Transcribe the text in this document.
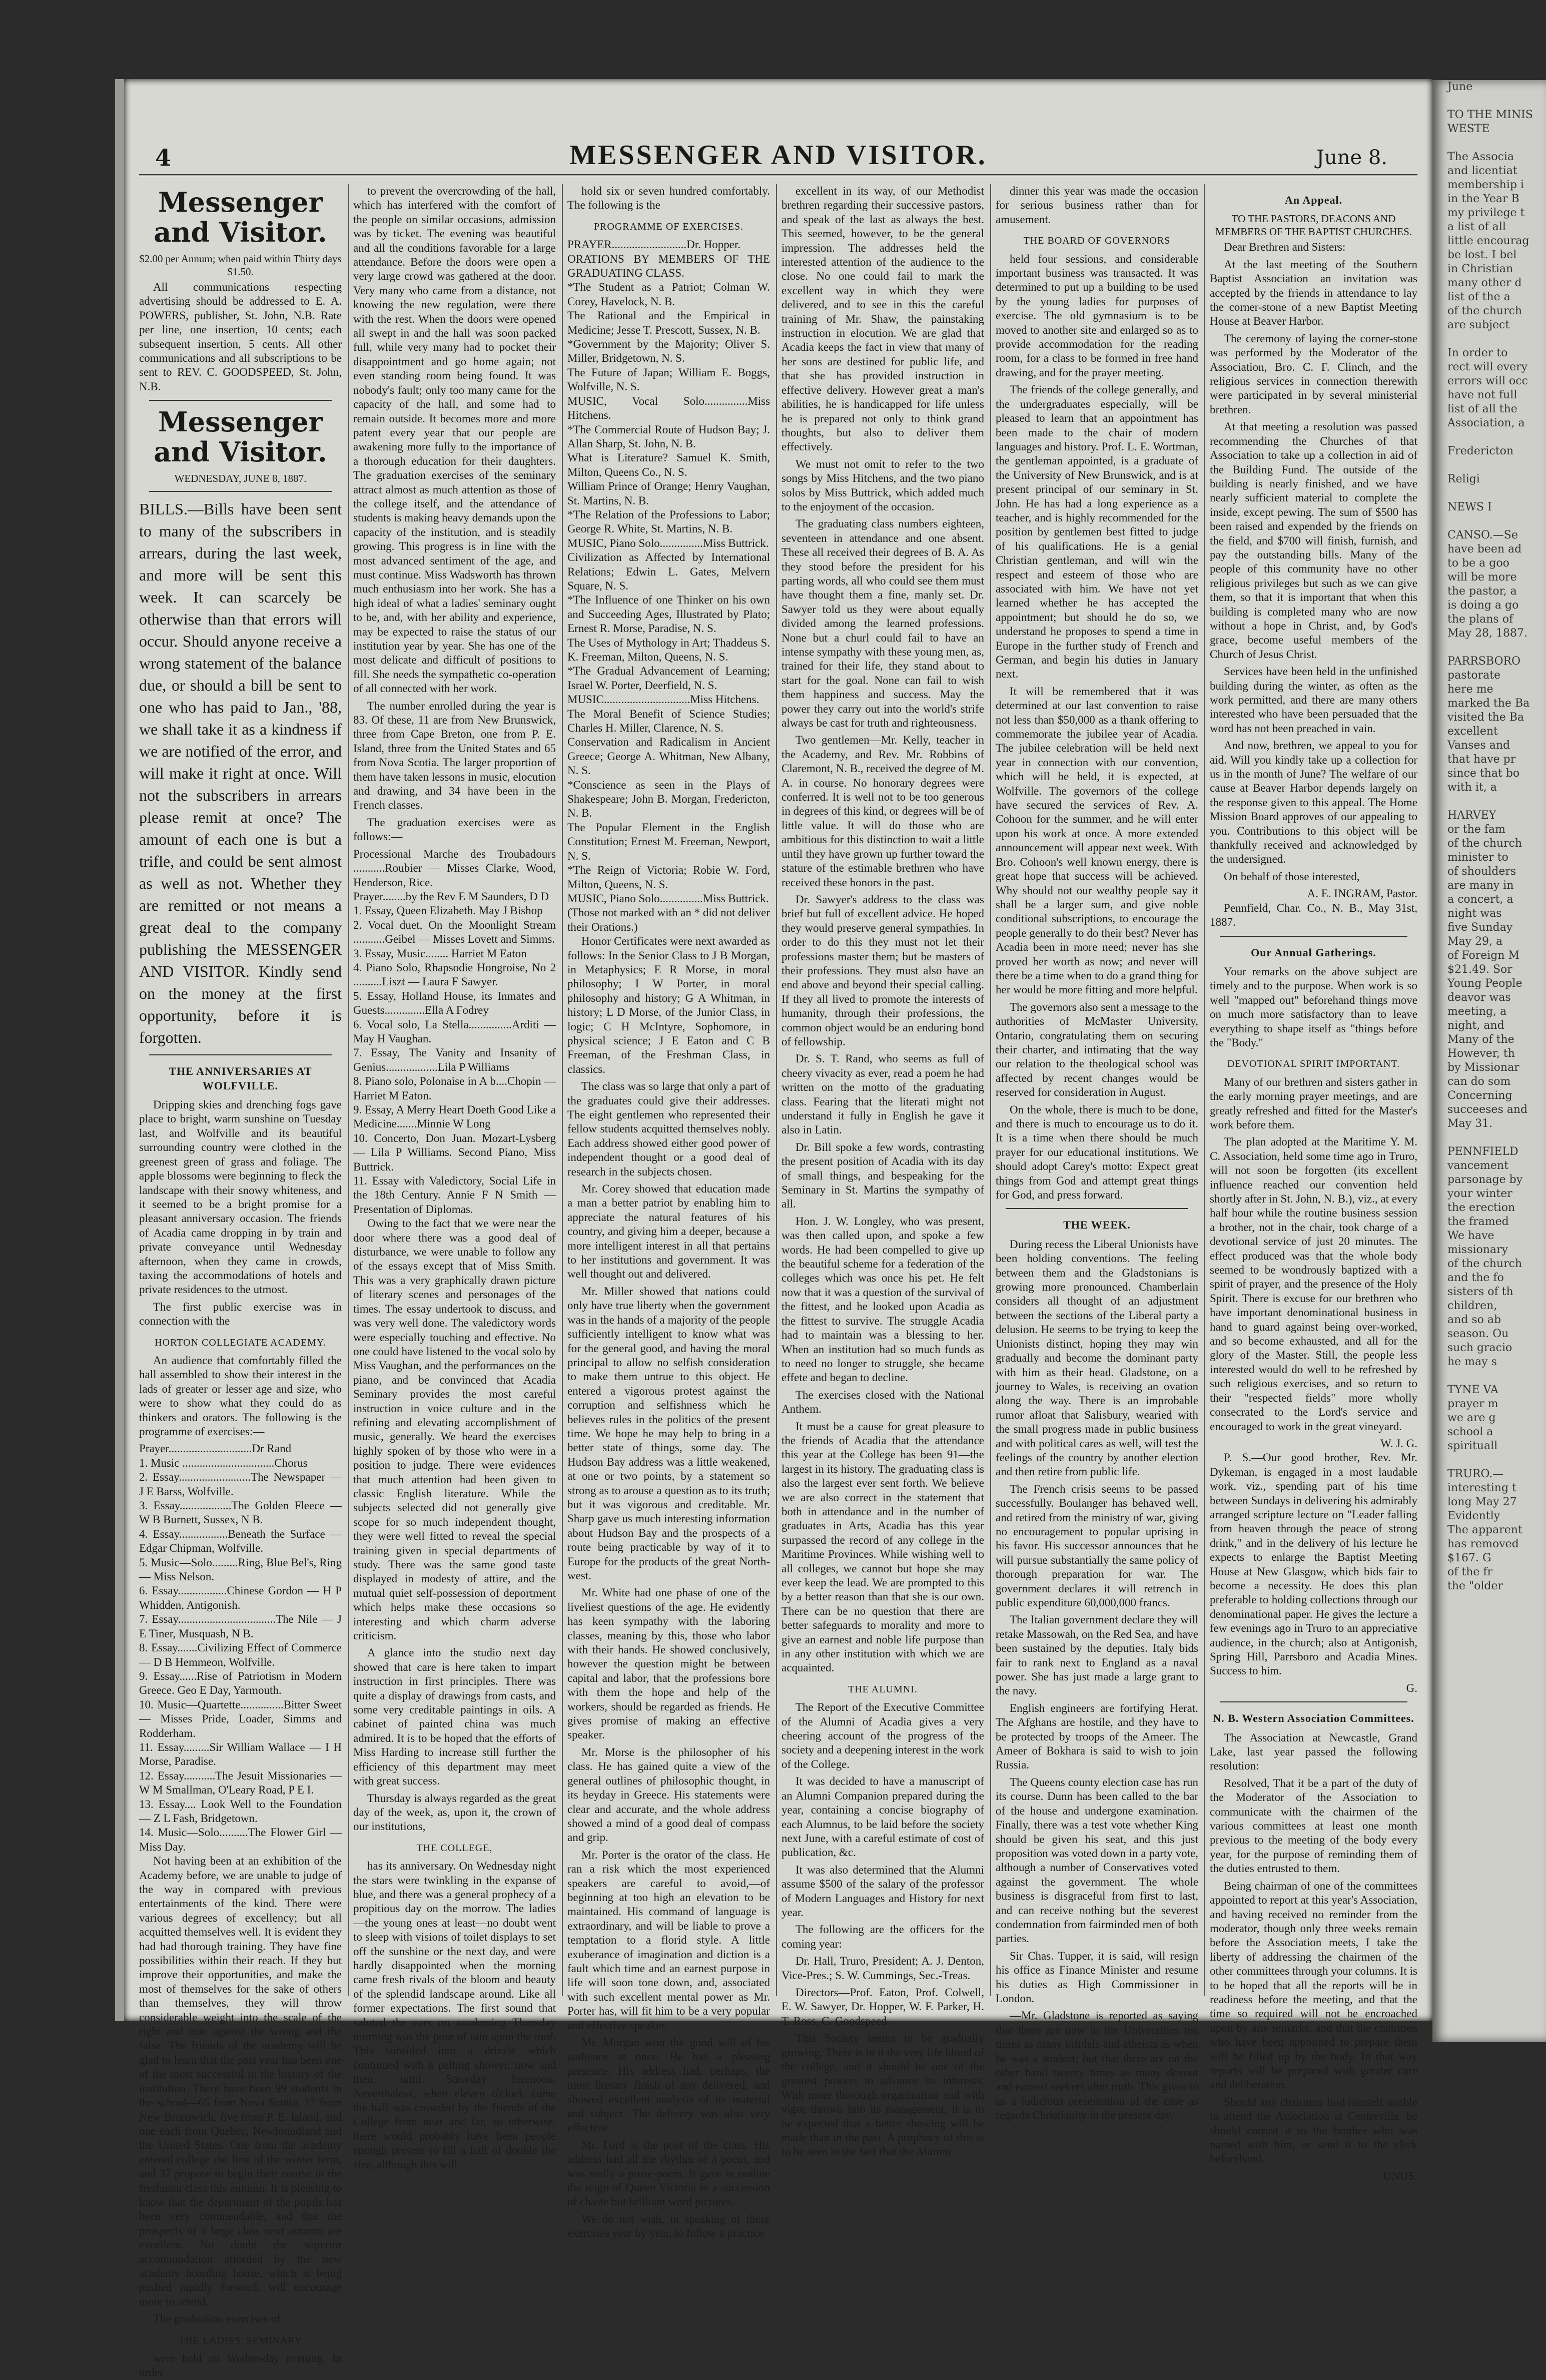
4	MESSENGER AND VISITOR.	June 8.
Messenger and Visitor.
$2.00 per Annum; when paid within Thirty days $1.50.

All communications respecting advertising should be addressed to E. A. POWERS, publisher, St. John, N.B. Rate per line, one insertion, 10 cents; each subsequent insertion, 5 cents. All other communications and all subscriptions to be sent to REV. C. GOODSPEED, St. John, N.B.

Messenger and Visitor.
WEDNESDAY, JUNE 8, 1887.
BILLS.—Bills have been sent to many of the subscribers in arrears, during the last week, and more will be sent this week. It can scarcely be otherwise than that errors will occur. Should anyone receive a wrong statement of the balance due, or should a bill be sent to one who has paid to Jan., '88, we shall take it as a kindness if we are notified of the error, and will make it right at once. Will not the subscribers in arrears please remit at once? The amount of each one is but a trifle, and could be sent almost as well as not. Whether they are remitted or not means a great deal to the company publishing the MESSENGER AND VISITOR. Kindly send on the money at the first opportunity, before it is forgotten.
THE ANNIVERSARIES AT WOLFVILLE.

Dripping skies and drenching fogs gave place to bright, warm sunshine on Tuesday last, and Wolfville and its beautiful surrounding country were clothed in the greenest green of grass and foliage. The apple blossoms were beginning to fleck the landscape with their snowy whiteness, and it seemed to be a bright promise for a pleasant anniversary occasion. The friends of Acadia came dropping in by train and private conveyance until Wednesday afternoon, when they came in crowds, taxing the accommodations of hotels and private residences to the utmost.

The first public exercise was in connection with the

HORTON COLLEGIATE ACADEMY.

An audience that comfortably filled the hall assembled to show their interest in the lads of greater or lesser age and size, who were to show what they could do as thinkers and orators. The following is the programme of exercises:—

Prayer.............................Dr Rand
1. Music ................................Chorus
2. Essay.........................The Newspaper — J E Barss, Wolfville.
3. Essay..................The Golden Fleece — W B Burnett, Sussex, N B.
4. Essay.................Beneath the Surface — Edgar Chipman, Wolfville.
5. Music—Solo.........Ring, Blue Bel's, Ring — Miss Nelson.
6. Essay.................Chinese Gordon — H P Whidden, Antigonish.
7. Essay..................................The Nile — J E Tiner, Musquash, N B.
8. Essay.......Civilizing Effect of Commerce — D B Hemmeon, Wolfville.
9. Essay......Rise of Patriotism in Modern Greece. Geo E Day, Yarmouth.
10. Music—Quartette...............Bitter Sweet — Misses Pride, Loader, Simms and Rodderham.
11. Essay.........Sir William Wallace — I H Morse, Paradise.
12. Essay...........The Jesuit Missionaries — W M Smallman, O'Leary Road, P E I.
13. Essay.... Look Well to the Foundation — Z L Fash, Bridgetown.
14. Music—Solo..........The Flower Girl — Miss Day.

Not having been at an exhibition of the Academy before, we are unable to judge of the way in compared with previous entertainments of the kind. There were various degrees of excellency; but all acquitted themselves well. It is evident they had had thorough training. They have fine possibilities within their reach. If they but improve their opportunities, and make the most of themselves for the sake of others than themselves, they will throw considerable weight into the scale of the right and true against the wrong and the false. The friends of the academy will be glad to learn that the past year has been one of the most successful in the history of the institution. There have been 99 students in the school—65 from Nova Scotia, 17 from New Brunswick, five from P. E. Island, and one each from Quebec, Newfoundland and the United States. One from the academy entered college the first of the winter term, and 37 propose to begin their course in the freshman class this autumn. It is pleasing to know that the department of the pupils has been very commendable, and that the prospects of a large class next autumn are excellent. No doubt the superior accommodation afforded by the new academy boarding house, which is being pushed rapidly forward, will encourage more to attend.

The graduation exercises of

THE LADIES' SEMINARY

were held on Wednesday evening. In order

to prevent the overcrowding of the hall, which has interfered with the comfort of the people on similar occasions, admission was by ticket. The evening was beautiful and all the conditions favorable for a large attendance. Before the doors were open a very large crowd was gathered at the door. Very many who came from a distance, not knowing the new regulation, were there with the rest. When the doors were opened all swept in and the hall was soon packed full, while very many had to pocket their disappointment and go home again; not even standing room being found. It was nobody's fault; only too many came for the capacity of the hall, and some had to remain outside. It becomes more and more patent every year that our people are awakening more fully to the importance of a thorough education for their daughters. The graduation exercises of the seminary attract almost as much attention as those of the college itself, and the attendance of students is making heavy demands upon the capacity of the institution, and is steadily growing. This progress is in line with the most advanced sentiment of the age, and must continue. Miss Wadsworth has thrown much enthusiasm into her work. She has a high ideal of what a ladies' seminary ought to be, and, with her ability and experience, may be expected to raise the status of our institution year by year. She has one of the most delicate and difficult of positions to fill. She needs the sympathetic co-operation of all connected with her work.

The number enrolled during the year is 83. Of these, 11 are from New Brunswick, three from Cape Breton, one from P. E. Island, three from the United States and 65 from Nova Scotia. The larger proportion of them have taken lessons in music, elocution and drawing, and 34 have been in the French classes.

The graduation exercises were as follows:—

Processional Marche des Troubadours ...........Roubier — Misses Clarke, Wood, Henderson, Rice.
Prayer........by the Rev E M Saunders, D D
1. Essay, Queen Elizabeth. May J Bishop
2. Vocal duet, On the Moonlight Stream ...........Geibel — Misses Lovett and Simms.
3. Essay, Music........ Harriet M Eaton
4. Piano Solo, Rhapsodie Hongroise, No 2 ..........Liszt — Laura F Sawyer.
5. Essay, Holland House, its Inmates and Guests..............Ella A Fodrey
6. Vocal solo, La Stella...............Arditi — May H Vaughan.
7. Essay, The Vanity and Insanity of Genius..................Lila P Williams
8. Piano solo, Polonaise in A b....Chopin — Harriet M Eaton.
9. Essay, A Merry Heart Doeth Good Like a Medicine.......Minnie W Long
10. Concerto, Don Juan. Mozart-Lysberg — Lila P Williams. Second Piano, Miss Buttrick.
11. Essay with Valedictory, Social Life in the 18th Century. Annie F N Smith — Presentation of Diplomas.

Owing to the fact that we were near the door where there was a good deal of disturbance, we were unable to follow any of the essays except that of Miss Smith. This was a very graphically drawn picture of literary scenes and personages of the times. The essay undertook to discuss, and was very well done. The valedictory words were especially touching and effective. No one could have listened to the vocal solo by Miss Vaughan, and the performances on the piano, and be convinced that Acadia Seminary provides the most careful instruction in voice culture and in the refining and elevating accomplishment of music, generally. We heard the exercises highly spoken of by those who were in a position to judge. There were evidences that much attention had been given to classic English literature. While the subjects selected did not generally give scope for so much independent thought, they were well fitted to reveal the special training given in special departments of study. There was the same good taste displayed in modesty of attire, and the mutual quiet self-possession of deportment which helps make these occasions so interesting and which charm adverse criticism.

A glance into the studio next day showed that care is here taken to impart instruction in first principles. There was quite a display of drawings from casts, and some very creditable paintings in oils. A cabinet of painted china was much admired. It is to be hoped that the efforts of Miss Harding to increase still further the efficiency of this department may meet with great success.

Thursday is always regarded as the great day of the week, as, upon it, the crown of our institutions,

THE COLLEGE,

has its anniversary. On Wednesday night the stars were twinkling in the expanse of blue, and there was a general prophecy of a propitious day on the morrow. The ladies —the young ones at least—no doubt went to sleep with visions of toilet displays to set off the sunshine or the next day, and were hardly disappointed when the morning came fresh rivals of the bloom and beauty of the splendid landscape around. Like all former expectations. The first sound that saluted the ears on awakening Thursday morning was the pour of rain upon the roof. This subsided into a drizzle which continued with a pelting shower, now and then, until Saturday forenoon. Nevertheless, when eleven o'clock came the hall was crowded by the friends of the College from near and far, so otherwise, there would probably have been people enough present to fill a hall of double the size, although this will

hold six or seven hundred comfortably. The following is the

PROGRAMME OF EXERCISES.
PRAYER..........................Dr. Hopper.
ORATIONS BY MEMBERS OF THE GRADUATING CLASS.
*The Student as a Patriot; Colman W. Corey, Havelock, N. B.
The Rational and the Empirical in Medicine; Jesse T. Prescott, Sussex, N. B.
*Government by the Majority; Oliver S. Miller, Bridgetown, N. S.
The Future of Japan; William E. Boggs, Wolfville, N. S.
MUSIC, Vocal Solo...............Miss Hitchens.
*The Commercial Route of Hudson Bay; J. Allan Sharp, St. John, N. B.
What is Literature? Samuel K. Smith, Milton, Queens Co., N. S.
William Prince of Orange; Henry Vaughan, St. Martins, N. B.
*The Relation of the Professions to Labor; George R. White, St. Martins, N. B.
MUSIC, Piano Solo...............Miss Buttrick.
Civilization as Affected by International Relations; Edwin L. Gates, Melvern Square, N. S.
*The Influence of one Thinker on his own and Succeeding Ages, Illustrated by Plato; Ernest R. Morse, Paradise, N. S.
The Uses of Mythology in Art; Thaddeus S. K. Freeman, Milton, Queens, N. S.
*The Gradual Advancement of Learning; Israel W. Porter, Deerfield, N. S.
MUSIC..............................Miss Hitchens.
The Moral Benefit of Science Studies; Charles H. Miller, Clarence, N. S.
Conservation and Radicalism in Ancient Greece; George A. Whitman, New Albany, N. S.
*Conscience as seen in the Plays of Shakespeare; John B. Morgan, Fredericton, N. B.
The Popular Element in the English Constitution; Ernest M. Freeman, Newport, N. S.
*The Reign of Victoria; Robie W. Ford, Milton, Queens, N. S.
MUSIC, Piano Solo...............Miss Buttrick.
(Those not marked with an * did not deliver their Orations.)

Honor Certificates were next awarded as follows: In the Senior Class to J B Morgan, in Metaphysics; E R Morse, in moral philosophy; I W Porter, in moral philosophy and history; G A Whitman, in history; L D Morse, of the Junior Class, in logic; C H McIntyre, Sophomore, in physical science; J E Eaton and C B Freeman, of the Freshman Class, in classics.

The class was so large that only a part of the graduates could give their addresses. The eight gentlemen who represented their fellow students acquitted themselves nobly. Each address showed either good power of independent thought or a good deal of research in the subjects chosen.

Mr. Corey showed that education made a man a better patriot by enabling him to appreciate the natural features of his country, and giving him a deeper, because a more intelligent interest in all that pertains to her institutions and government. It was well thought out and delivered.

Mr. Miller showed that nations could only have true liberty when the government was in the hands of a majority of the people sufficiently intelligent to know what was for the general good, and having the moral principal to allow no selfish consideration to make them untrue to this object. He entered a vigorous protest against the corruption and selfishness which he believes rules in the politics of the present time. We hope he may help to bring in a better state of things, some day. The Hudson Bay address was a little weakened, at one or two points, by a statement so strong as to arouse a question as to its truth; but it was vigorous and creditable. Mr. Sharp gave us much interesting information about Hudson Bay and the prospects of a route being practicable by way of it to Europe for the products of the great North-west.

Mr. White had one phase of one of the liveliest questions of the age. He evidently has keen sympathy with the laboring classes, meaning by this, those who labor with their hands. He showed conclusively, however the question might be between capital and labor, that the professions bore with them the hope and help of the workers, should be regarded as friends. He gives promise of making an effective speaker.

Mr. Morse is the philosopher of his class. He has gained quite a view of the general outlines of philosophic thought, in its heyday in Greece. His statements were clear and accurate, and the whole address showed a mind of a good deal of compass and grip.

Mr. Porter is the orator of the class. He ran a risk which the most experienced speakers are careful to avoid,—of beginning at too high an elevation to be maintained. His command of language is extraordinary, and will be liable to prove a temptation to a florid style. A little exuberance of imagination and diction is a fault which time and an earnest purpose in life will soon tone down, and, associated with such excellent mental power as Mr. Porter has, will fit him to be a very popular and effective speaker.

Mr. Morgan won the good will of his audience at once. He has a pleasing presence. His address had, perhaps, the most literary finish of any delivered, and showed excellent analysis of its material and subject. The delivery was also very effective.

Mr. Ford is the poet of the class. His address had all the rhythm of a poem, and was really a prose-poem. It gave in outline the reign of Queen Victoria in a succession of chaste but brilliant word pictures.

We do not wish, in speaking of these exercises year by year, to follow a practice

excellent in its way, of our Methodist brethren regarding their successive pastors, and speak of the last as always the best. This seemed, however, to be the general impression. The addresses held the interested attention of the audience to the close. No one could fail to mark the excellent way in which they were delivered, and to see in this the careful training of Mr. Shaw, the painstaking instruction in elocution. We are glad that Acadia keeps the fact in view that many of her sons are destined for public life, and that she has provided instruction in effective delivery. However great a man's abilities, he is handicapped for life unless he is prepared not only to think grand thoughts, but also to deliver them effectively.

We must not omit to refer to the two songs by Miss Hitchens, and the two piano solos by Miss Buttrick, which added much to the enjoyment of the occasion.

The graduating class numbers eighteen, seventeen in attendance and one absent. These all received their degrees of B. A. As they stood before the president for his parting words, all who could see them must have thought them a fine, manly set. Dr. Sawyer told us they were about equally divided among the learned professions. None but a churl could fail to have an intense sympathy with these young men, as, trained for their life, they stand about to start for the goal. None can fail to wish them happiness and success. May the power they carry out into the world's strife always be cast for truth and righteousness.

Two gentlemen—Mr. Kelly, teacher in the Academy, and Rev. Mr. Robbins of Claremont, N. B., received the degree of M. A. in course. No honorary degrees were conferred. It is well not to be too generous in degrees of this kind, or degrees will be of little value. It will do those who are ambitious for this distinction to wait a little until they have grown up further toward the stature of the estimable brethren who have received these honors in the past.

Dr. Sawyer's address to the class was brief but full of excellent advice. He hoped they would preserve general sympathies. In order to do this they must not let their professions master them; but be masters of their professions. They must also have an end above and beyond their special calling. If they all lived to promote the interests of humanity, through their professions, the common object would be an enduring bond of fellowship.

Dr. S. T. Rand, who seems as full of cheery vivacity as ever, read a poem he had written on the motto of the graduating class. Fearing that the literati might not understand it fully in English he gave it also in Latin.

Dr. Bill spoke a few words, contrasting the present position of Acadia with its day of small things, and bespeaking for the Seminary in St. Martins the sympathy of all.

Hon. J. W. Longley, who was present, was then called upon, and spoke a few words. He had been compelled to give up the beautiful scheme for a federation of the colleges which was once his pet. He felt now that it was a question of the survival of the fittest, and he looked upon Acadia as the fittest to survive. The struggle Acadia had to maintain was a blessing to her. When an institution had so much funds as to need no longer to struggle, she became effete and began to decline.

The exercises closed with the National Anthem.

It must be a cause for great pleasure to the friends of Acadia that the attendance this year at the College has been 91—the largest in its history. The graduating class is also the largest ever sent forth. We believe we are also correct in the statement that both in attendance and in the number of graduates in Arts, Acadia has this year surpassed the record of any college in the Maritime Provinces. While wishing well to all colleges, we cannot but hope she may ever keep the lead. We are prompted to this by a better reason than that she is our own. There can be no question that there are better safeguards to morality and more to give an earnest and noble life purpose than in any other institution with which we are acquainted.

THE ALUMNI.

The Report of the Executive Committee of the Alumni of Acadia gives a very cheering account of the progress of the society and a deepening interest in the work of the College.

It was decided to have a manuscript of an Alumni Companion prepared during the year, containing a concise biography of each Alumnus, to be laid before the society next June, with a careful estimate of cost of publication, &c.

It was also determined that the Alumni assume $500 of the salary of the professor of Modern Languages and History for next year.

The following are the officers for the coming year:

Dr. Hall, Truro, President; A. J. Denton, Vice-Pres.; S. W. Cummings, Sec.-Treas.

Directors—Prof. Eaton, Prof. Colwell, E. W. Sawyer, Dr. Hopper, W. F. Parker, H. T. Ross, C. Goodspeed.

This Society seems to be gradually growing. There is in it the very life blood of the college, and it should be one of the greatest powers to advance its interests. With more thorough organization and with vigor thrown into its management, it is to be expected that a better showing will be made than in the past. A prophecy of this is to be seen in the fact that the Alumni

dinner this year was made the occasion for serious business rather than for amusement.

THE BOARD OF GOVERNORS

held four sessions, and considerable important business was transacted. It was determined to put up a building to be used by the young ladies for purposes of exercise. The old gymnasium is to be moved to another site and enlarged so as to provide accommodation for the reading room, for a class to be formed in free hand drawing, and for the prayer meeting.

The friends of the college generally, and the undergraduates especially, will be pleased to learn that an appointment has been made to the chair of modern languages and history. Prof. L. E. Wortman, the gentleman appointed, is a graduate of the University of New Brunswick, and is at present principal of our seminary in St. John. He has had a long experience as a teacher, and is highly recommended for the position by gentlemen best fitted to judge of his qualifications. He is a genial Christian gentleman, and will win the respect and esteem of those who are associated with him. We have not yet learned whether he has accepted the appointment; but should he do so, we understand he proposes to spend a time in Europe in the further study of French and German, and begin his duties in January next.

It will be remembered that it was determined at our last convention to raise not less than $50,000 as a thank offering to commemorate the jubilee year of Acadia. The jubilee celebration will be held next year in connection with our convention, which will be held, it is expected, at Wolfville. The governors of the college have secured the services of Rev. A. Cohoon for the summer, and he will enter upon his work at once. A more extended announcement will appear next week. With Bro. Cohoon's well known energy, there is great hope that success will be achieved. Why should not our wealthy people say it shall be a larger sum, and give noble conditional subscriptions, to encourage the people generally to do their best? Never has Acadia been in more need; never has she proved her worth as now; and never will there be a time when to do a grand thing for her would be more fitting and more helpful.

The governors also sent a message to the authorities of McMaster University, Ontario, congratulating them on securing their charter, and intimating that the way our relation to the theological school was affected by recent changes would be reserved for consideration in August.

On the whole, there is much to be done, and there is much to encourage us to do it. It is a time when there should be much prayer for our educational institutions. We should adopt Carey's motto: Expect great things from God and attempt great things for God, and press forward.

THE WEEK.

During recess the Liberal Unionists have been holding conventions. The feeling between them and the Gladstonians is growing more pronounced. Chamberlain considers all thought of an adjustment between the sections of the Liberal party a delusion. He seems to be trying to keep the Unionists distinct, hoping they may win gradually and become the dominant party with him as their head. Gladstone, on a journey to Wales, is receiving an ovation along the way. There is an improbable rumor afloat that Salisbury, wearied with the small progress made in public business and with political cares as well, will test the feelings of the country by another election and then retire from public life.

The French crisis seems to be passed successfully. Boulanger has behaved well, and retired from the ministry of war, giving no encouragement to popular uprising in his favor. His successor announces that he will pursue substantially the same policy of thorough preparation for war. The government declares it will retrench in public expenditure 60,000,000 francs.

The Italian government declare they will retake Massowah, on the Red Sea, and have been sustained by the deputies. Italy bids fair to rank next to England as a naval power. She has just made a large grant to the navy.

English engineers are fortifying Herat. The Afghans are hostile, and they have to be protected by troops of the Ameer. The Ameer of Bokhara is said to wish to join Russia.

The Queens county election case has run its course. Dunn has been called to the bar of the house and undergone examination. Finally, there was a test vote whether King should be given his seat, and this just proposition was voted down in a party vote, although a number of Conservatives voted against the government. The whole business is disgraceful from first to last, and can receive nothing but the severest condemnation from fairminded men of both parties.

Sir Chas. Tupper, it is said, will resign his office as Finance Minister and resume his duties as High Commissioner in London.

—Mr. Gladstone is reported as saying that there are now in the Universities ten times as many infidels and atheists as when he was a student; but that there are on the other hand twenty times as many devout and earnest seekers after truth. This gives to us a judicious presentation of the case as regards Christianity in the present day.

An Appeal.
TO THE PASTORS, DEACONS AND MEMBERS OF THE BAPTIST CHURCHES.

Dear Brethren and Sisters:

At the last meeting of the Southern Baptist Association an invitation was accepted by the friends in attendance to lay the corner-stone of a new Baptist Meeting House at Beaver Harbor.

The ceremony of laying the corner-stone was performed by the Moderator of the Association, Bro. C. F. Clinch, and the religious services in connection therewith were participated in by several ministerial brethren.

At that meeting a resolution was passed recommending the Churches of that Association to take up a collection in aid of the Building Fund. The outside of the building is nearly finished, and we have nearly sufficient material to complete the inside, except pewing. The sum of $500 has been raised and expended by the friends on the field, and $700 will finish, furnish, and pay the outstanding bills. Many of the people of this community have no other religious privileges but such as we can give them, so that it is important that when this building is completed many who are now without a hope in Christ, and, by God's grace, become useful members of the Church of Jesus Christ.

Services have been held in the unfinished building during the winter, as often as the work permitted, and there are many others interested who have been persuaded that the word has not been preached in vain.

And now, brethren, we appeal to you for aid. Will you kindly take up a collection for us in the month of June? The welfare of our cause at Beaver Harbor depends largely on the response given to this appeal. The Home Mission Board approves of our appealing to you. Contributions to this object will be thankfully received and acknowledged by the undersigned.

On behalf of those interested,

A. E. INGRAM, Pastor.

Pennfield, Char. Co., N. B., May 31st, 1887.

Our Annual Gatherings.

Your remarks on the above subject are timely and to the purpose. When work is so well "mapped out" beforehand things move on much more satisfactory than to leave everything to shape itself as "things before the "Body."

DEVOTIONAL SPIRIT IMPORTANT.

Many of our brethren and sisters gather in the early morning prayer meetings, and are greatly refreshed and fitted for the Master's work before them.

The plan adopted at the Maritime Y. M. C. Association, held some time ago in Truro, will not soon be forgotten (its excellent influence reached our convention held shortly after in St. John, N. B.), viz., at every half hour while the routine business session a brother, not in the chair, took charge of a devotional service of just 20 minutes. The effect produced was that the whole body seemed to be wondrously baptized with a spirit of prayer, and the presence of the Holy Spirit. There is excuse for our brethren who have important denominational business in hand to guard against being over-worked, and so become exhausted, and all for the glory of the Master. Still, the people less interested would do well to be refreshed by such religious exercises, and so return to their "respected fields" more wholly consecrated to the Lord's service and encouraged to work in the great vineyard.

W. J. G.

P. S.—Our good brother, Rev. Mr. Dykeman, is engaged in a most laudable work, viz., spending part of his time between Sundays in delivering his admirably arranged scripture lecture on "Leader falling from heaven through the peace of strong drink," and in the delivery of his lecture he expects to enlarge the Baptist Meeting House at New Glasgow, which bids fair to become a necessity. He does this plan preferable to holding collections through our denominational paper. He gives the lecture a few evenings ago in Truro to an appreciative audience, in the church; also at Antigonish, Spring Hill, Parrsboro and Acadia Mines. Success to him.

G.
N. B. Western Association Committees.

The Association at Newcastle, Grand Lake, last year passed the following resolution:

Resolved, That it be a part of the duty of the Moderator of the Association to communicate with the chairmen of the various committees at least one month previous to the meeting of the body every year, for the purpose of reminding them of the duties entrusted to them.

Being chairman of one of the committees appointed to report at this year's Association, and having received no reminder from the moderator, though only three weeks remain before the Association meets, I take the liberty of addressing the chairmen of the other committees through your columns. It is to be hoped that all the reports will be in readiness before the meeting, and that the time so required will not be encroached upon by any remarks, and that the chairmen who have been appointed to prepare them will be filled up by the body. In that way reports will be prepared with greater care and deliberation.

Should any chairman find himself unable to attend the Association at Centreville, he should entrust it to the brother who was named with him, or send it to the clerk beforehand.

UNUS.
June

TO THE MINIS
WESTE

The Associa
and licentiat
membership i
in the Year B
my privilege t
a list of all
little encourag
be lost. I bel
in Christian
many other d
list of the a
of the church
are subject

In order to
rect will every
errors will occ
have not full
list of all the
Association, a

Fredericton

Religi

NEWS I

CANSO.—Se
have been ad
to be a goo
will be more
the pastor, a
is doing a go
the plans of
May 28, 1887.

PARRSBORO
pastorate
here me
marked the Ba
visited the Ba
excellent
Vanses and
that have pr
since that bo
with it, a

HARVEY
or the fam
of the church
minister to
of shoulders
are many in
a concert, a
night was
five Sunday
May 29, a
of Foreign M
$21.49. Sor
Young People
deavor was
meeting, a
night, and
Many of the
However, th
by Missionar
can do som
Concerning
succeeses and
May 31.

PENNFIELD
vancement
parsonage by
your winter
the erection
the framed
We have
missionary
of the church
and the fo
sisters of th
children,
and so ab
season. Ou
such gracio
he may s

TYNE VA
prayer m
we are g
school a
spirituall

TRURO.—
interesting t
long May 27
Evidently
The apparent
has removed
$167. G
of the fr
the "older
